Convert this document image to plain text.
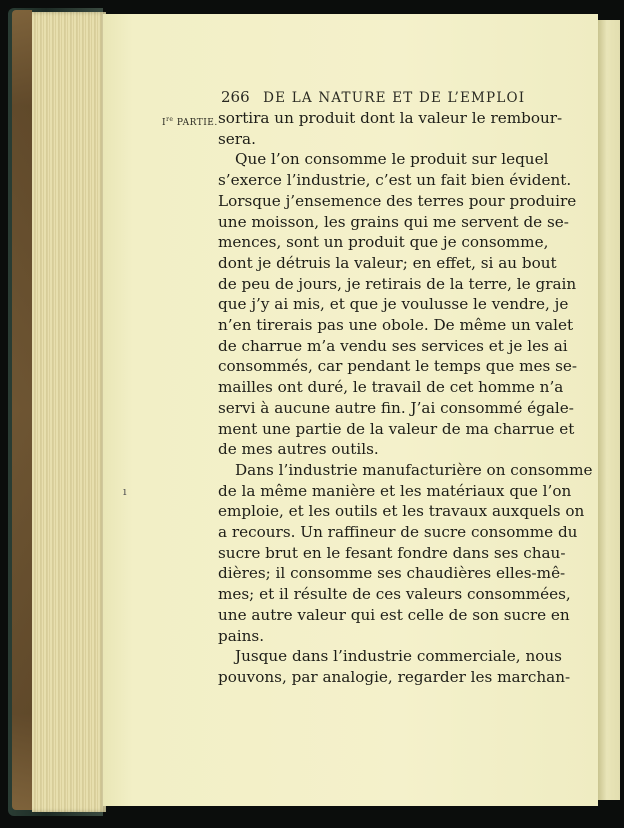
266 DE LA NATURE ET DE L’EMPLOI
Ire PARTIE.
ı
sortira un produit dont la valeur le rembour-
sera.
Que l’on consomme le produit sur lequel
s’exerce l’industrie, c’est un fait bien évident.
Lorsque j’ensemence des terres pour produire
une moisson, les grains qui me servent de se-
mences, sont un produit que je consomme,
dont je détruis la valeur; en effet, si au bout
de peu de jours, je retirais de la terre, le grain
que j’y ai mis, et que je voulusse le vendre, je
n’en tirerais pas une obole. De même un valet
de charrue m’a vendu ses services et je les ai
consommés, car pendant le temps que mes se-
mailles ont duré, le travail de cet homme n’a
servi à aucune autre fin. J’ai consommé égale-
ment une partie de la valeur de ma charrue et
de mes autres outils.
Dans l’industrie manufacturière on consomme
de la même manière et les matériaux que l’on
emploie, et les outils et les travaux auxquels on
a recours. Un raffineur de sucre consomme du
sucre brut en le fesant fondre dans ses chau-
dières; il consomme ses chaudières elles-mê-
mes; et il résulte de ces valeurs consommées,
une autre valeur qui est celle de son sucre en
pains.
Jusque dans l’industrie commerciale, nous
pouvons, par analogie, regarder les marchan-
